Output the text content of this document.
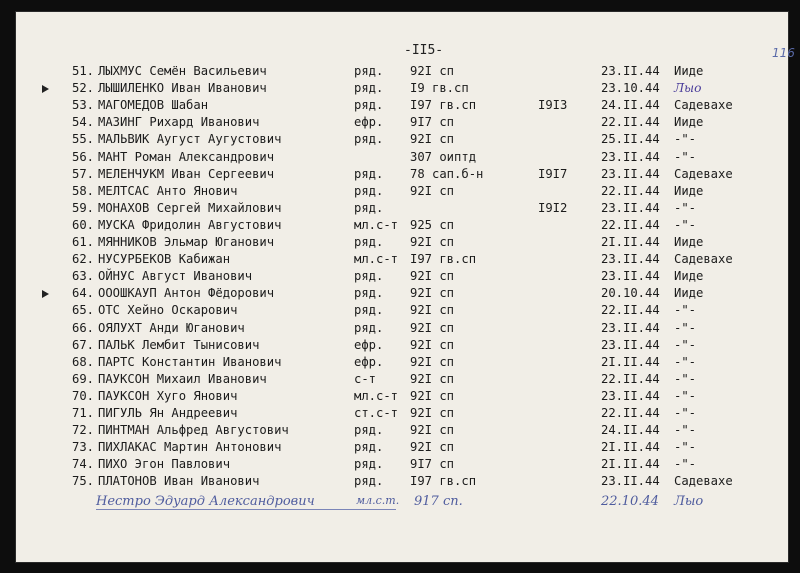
-II5-	116
51. ЛЫХМУС Семён Васильевич	ряд. 92I сп	23.II.44 Иидe
52. ЛЫШИЛЕНКО Иван Иванович	ряд. I9 гв.сп	23.10.44 Лыо
53. МАГОМЕДОВ Шабан	ряд. I97 гв.сп	I9I3	24.II.44 Садевахе
54. МАЗИНГ Рихард Иванович	ефр. 9I7 сп	22.II.44 Иидe
55. МАЛЬВИК Аугуст Аугустович	ряд. 92I сп	25.II.44 -"-
56. МАНТ Роман Александрович	307 оиптд	23.II.44 -"-
57. МЕЛЕНЧУКМ Иван Сергеевич	ряд. 78 сап.б-н	I9I7	23.II.44 Садевахе
58. МЕЛТСАС Анто Янович	ряд. 92I сп	22.II.44 Иидe
59. МОНАХОВ Сергей Михайлович	ряд.	I9I2	23.II.44 -"-
60. МУСКА Фридолин Августович	мл.с-т 925 сп	22.II.44 -"-
61. МЯННИКОВ Эльмар Юганович	ряд. 92I сп	2I.II.44 Иидe
62. НУСУРБЕКОВ Кабижан	мл.с-т I97 гв.сп	23.II.44 Садевахе
63. ОЙНУС Август Иванович	ряд. 92I сп	23.II.44 Иидe
64. ОООШКАУП Антон Фёдорович	ряд. 92I сп	20.10.44 Иидe
65. ОТС Хейно Оскарович	ряд. 92I сп	22.II.44 -"-
66. ОЯЛУХТ Анди Юганович	ряд. 92I сп	23.II.44 -"-
67. ПАЛЬК Лембит Тынисович	ефр. 92I сп	23.II.44 -"-
68. ПАРТС Константин Иванович	ефр. 92I сп	2I.II.44 -"-
69. ПАУКСОН Михаил Иванович	с-т	92I сп	22.II.44 -"-
70. ПАУКСОН Хуго Янович	мл.с-т 92I сп	23.II.44 -"-
71. ПИГУЛЬ Ян Андреевич	ст.с-т 92I сп	22.II.44 -"-
72. ПИНТМАН Альфред Августович	ряд. 92I сп	24.II.44 -"-
73. ПИХЛАКАС Мартин Антонович	ряд. 92I сп	2I.II.44 -"-
74. ПИХО Эгон Павлович	ряд. 9I7 сп	2I.II.44 -"-
75. ПЛАТОНОВ Иван Иванович	ряд. I97 гв.сп	23.II.44 Садевахе
Нестро Эдуард Александрович	мл.с.т. 917 сп.	22.10.44 Лыо
